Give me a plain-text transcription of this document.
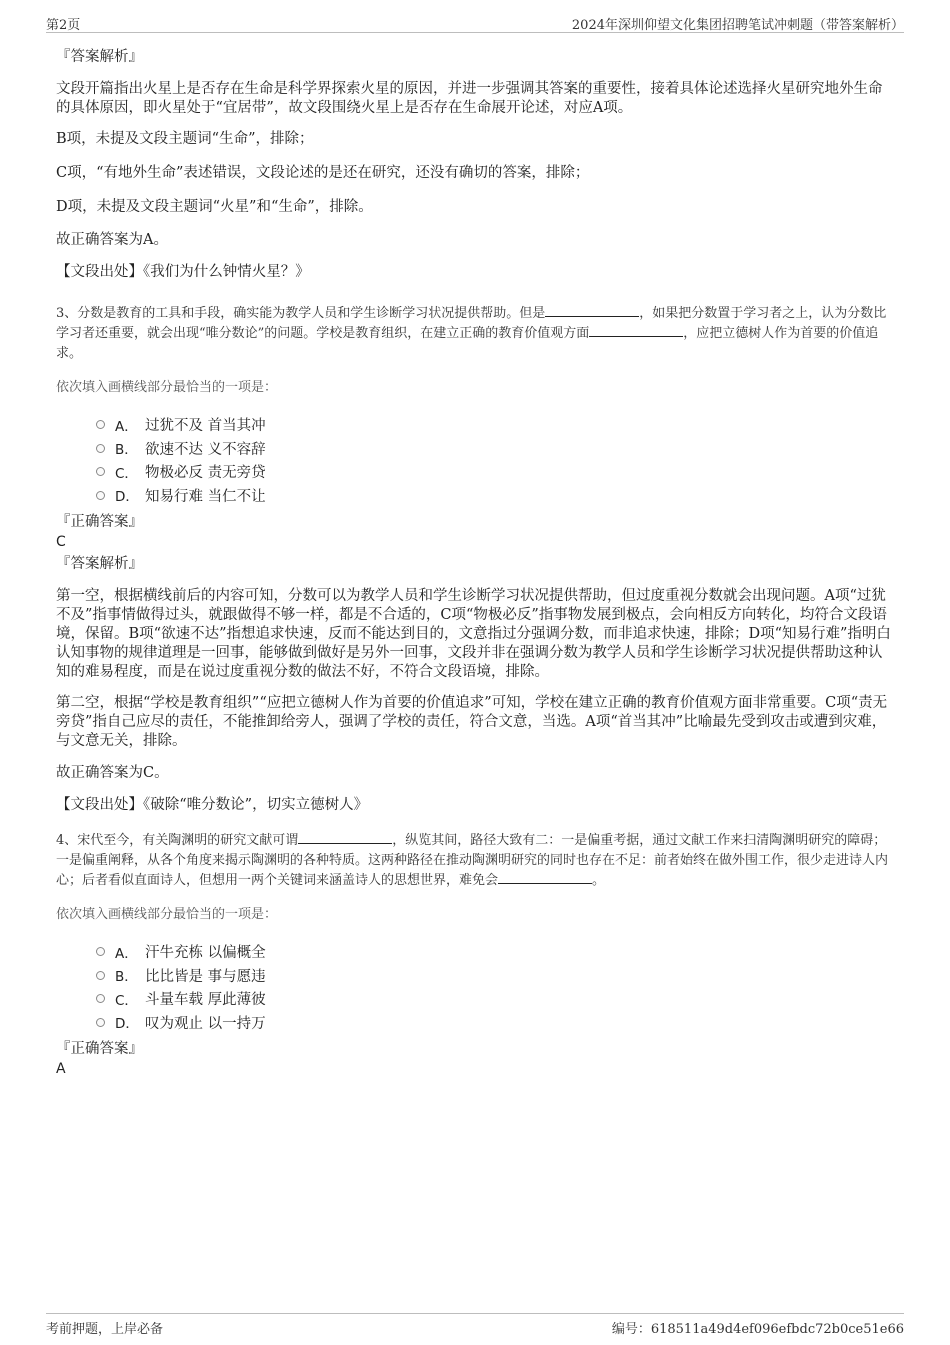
第2页	2024年深圳仰望文化集团招聘笔试冲刺题（带答案解析）

『答案解析』

文段开篇指出火星上是否存在生命是科学界探索火星的原因，并进一步强调其答案的重要性，接着具体论述选择火星研究地外生命的具体原因，即火星处于“宜居带”，故文段围绕火星上是否存在生命展开论述，对应A项。

B项，未提及文段主题词“生命”，排除；

C项，“有地外生命”表述错误，文段论述的是还在研究，还没有确切的答案，排除；

D项，未提及文段主题词“火星”和“生命”，排除。

故正确答案为A。

【文段出处】《我们为什么钟情火星？》

3、分数是教育的工具和手段，确实能为教学人员和学生诊断学习状况提供帮助。但是	，如果把分数置于学习者之上，认为分数比学习者还重要，就会出现“唯分数论”的问题。学校是教育组织，在建立正确的教育价值观方面	，应把立德树人作为首要的价值追求。

依次填入画横线部分最恰当的一项是：

A． 过犹不及 首当其冲
B． 欲速不达 义不容辞
C． 物极必反 责无旁贷
D． 知易行难 当仁不让

『正确答案』

C

『答案解析』

第一空，根据横线前后的内容可知，分数可以为教学人员和学生诊断学习状况提供帮助，但过度重视分数就会出现问题。A项“过犹不及”指事情做得过头，就跟做得不够一样，都是不合适的，C项“物极必反”指事物发展到极点，会向相反方向转化，均符合文段语境，保留。B项“欲速不达”指想追求快速，反而不能达到目的，文意指过分强调分数，而非追求快速，排除；D项“知易行难”指明白认知事物的规律道理是一回事，能够做到做好是另外一回事，文段并非在强调分数为教学人员和学生诊断学习状况提供帮助这种认知的难易程度，而是在说过度重视分数的做法不好，不符合文段语境，排除。

第二空，根据“学校是教育组织”“应把立德树人作为首要的价值追求”可知，学校在建立正确的教育价值观方面非常重要。C项“责无旁贷”指自己应尽的责任，不能推卸给旁人，强调了学校的责任，符合文意，当选。A项“首当其冲”比喻最先受到攻击或遭到灾难，与文意无关，排除。

故正确答案为C。

【文段出处】《破除“唯分数论”，切实立德树人》

4、宋代至今，有关陶渊明的研究文献可谓	，纵览其间，路径大致有二：一是偏重考据，通过文献工作来扫清陶渊明研究的障碍；一是偏重阐释，从各个角度来揭示陶渊明的各种特质。这两种路径在推动陶渊明研究的同时也存在不足：前者始终在做外围工作，很少走进诗人内心；后者看似直面诗人，但想用一两个关键词来涵盖诗人的思想世界，难免会	。

依次填入画横线部分最恰当的一项是：

A． 汗牛充栋 以偏概全
B． 比比皆是 事与愿违
C． 斗量车载 厚此薄彼
D． 叹为观止 以一持万

『正确答案』

A

考前押题，上岸必备	编号：618511a49d4ef096efbdc72b0ce51e66
